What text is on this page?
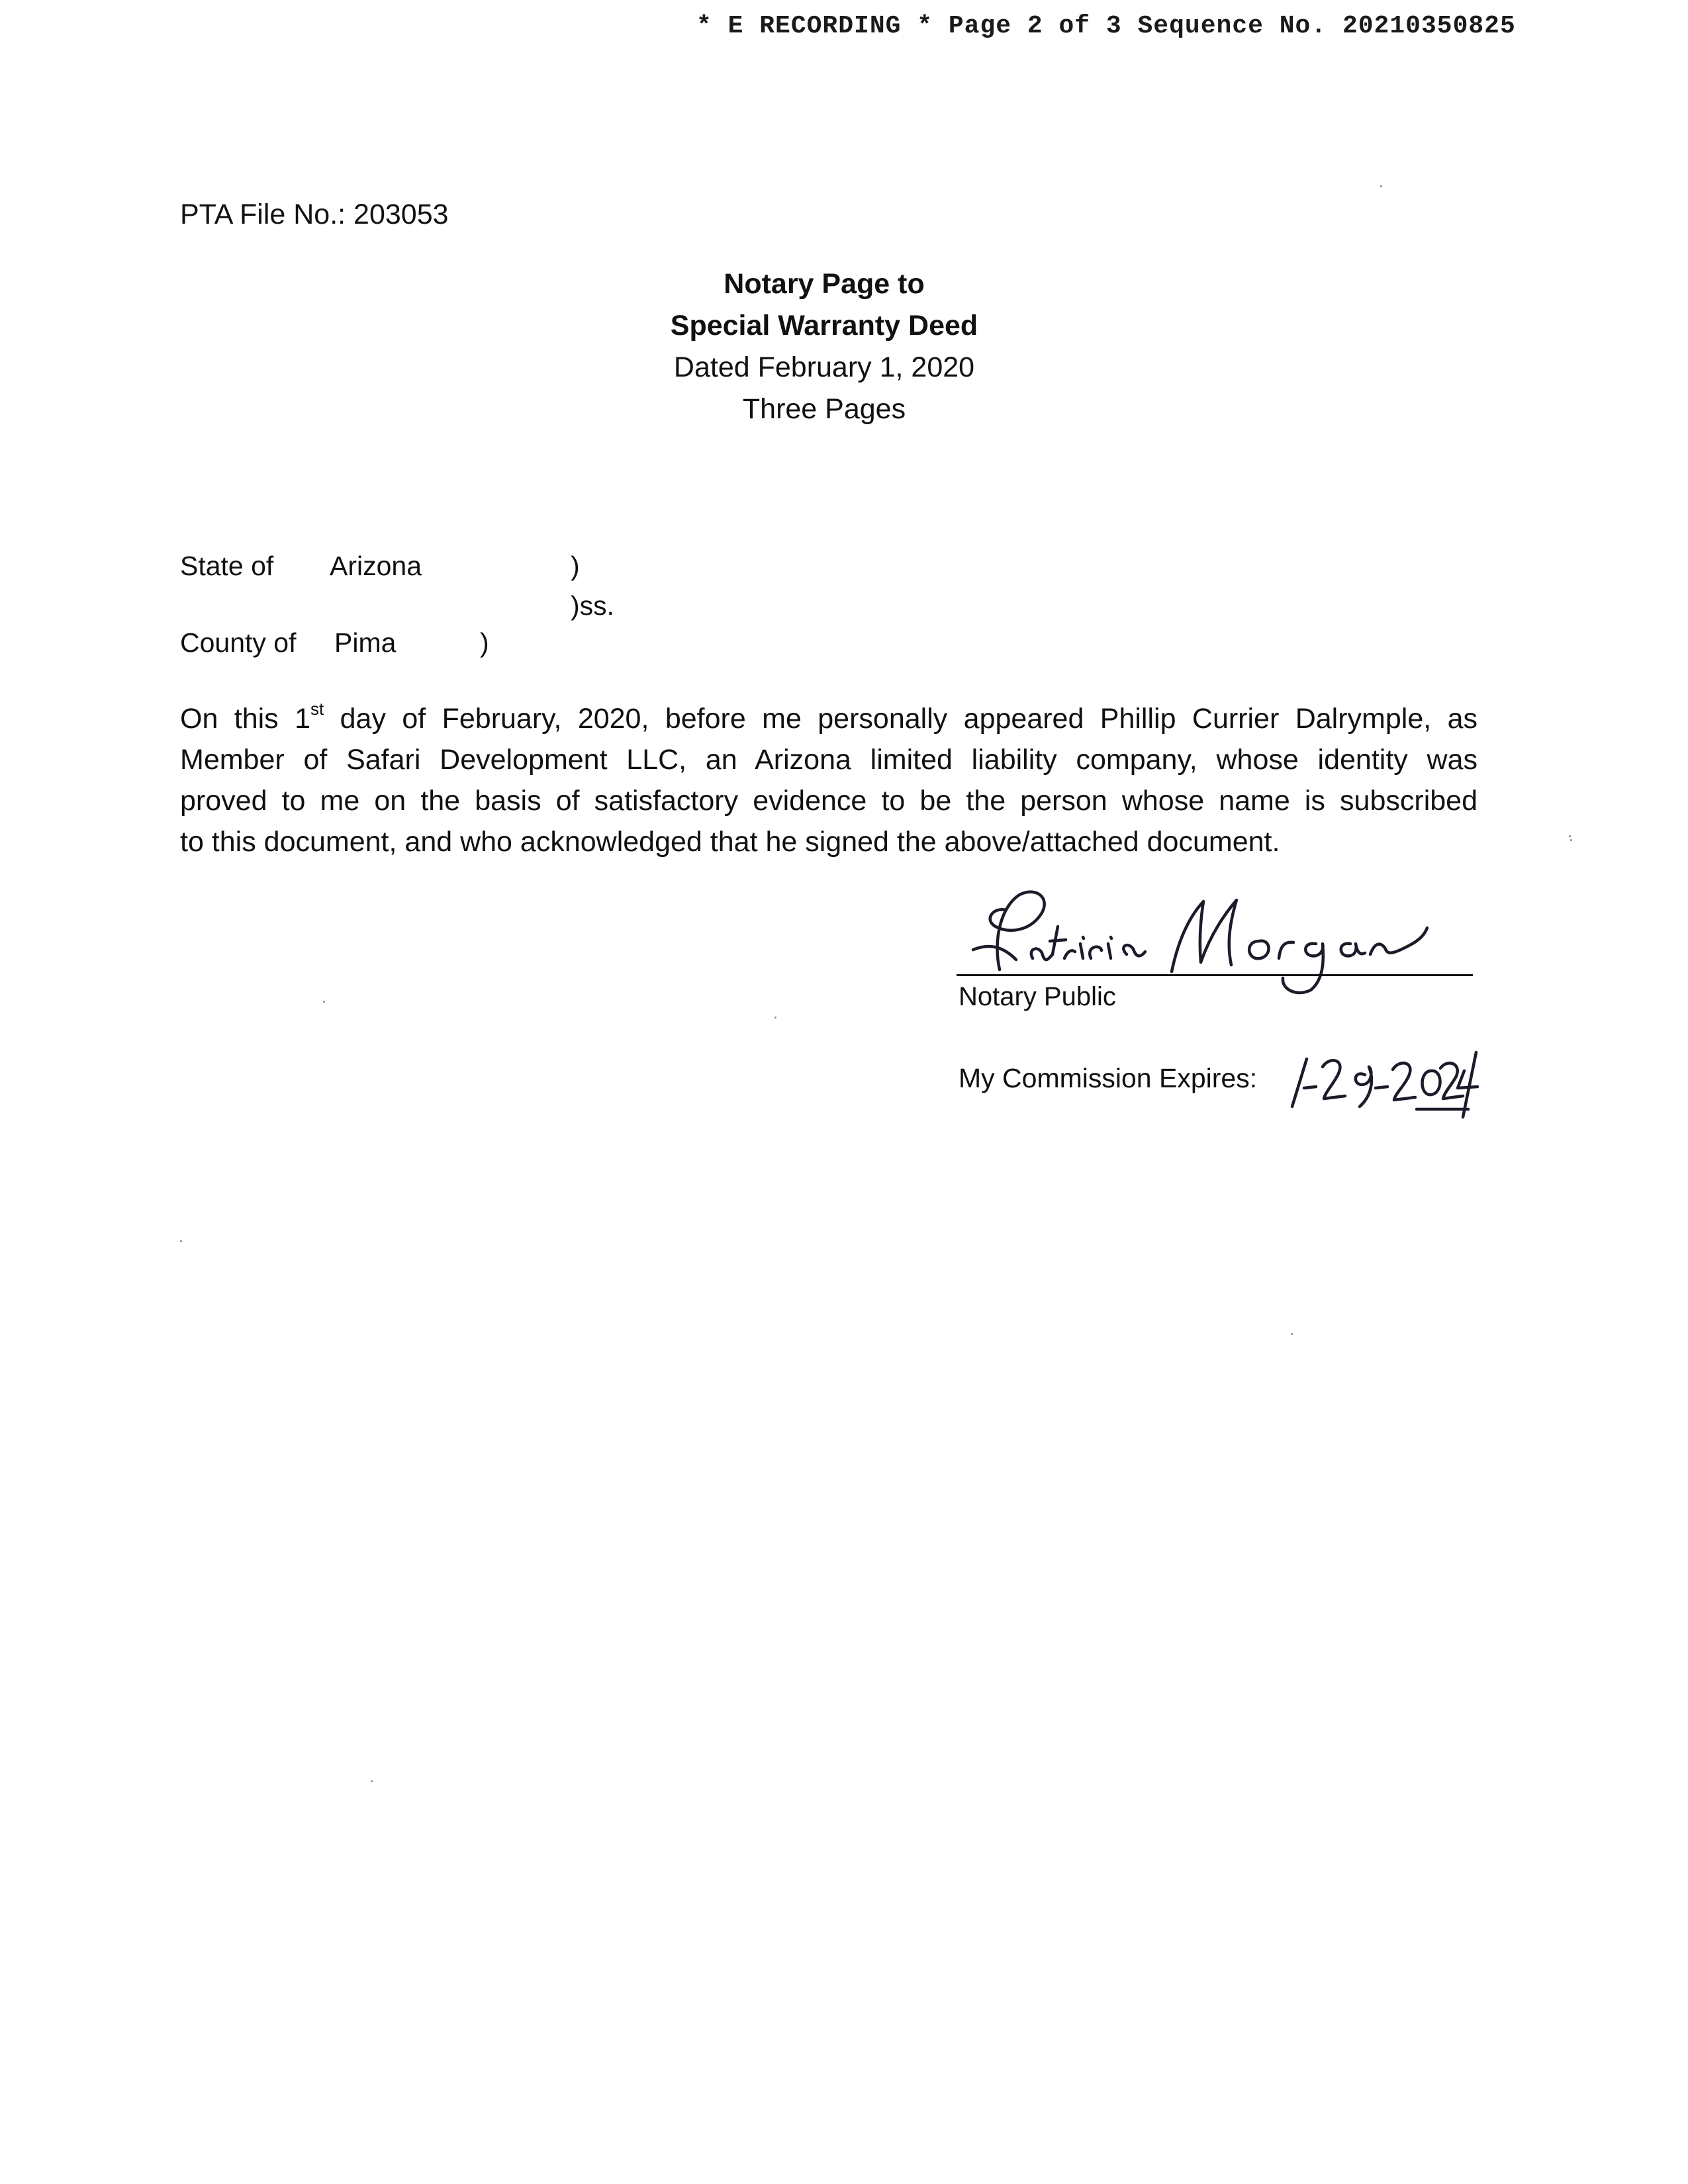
* E RECORDING * Page 2 of 3 Sequence No. 20210350825
PTA File No.: 203053
Notary Page to
Special Warranty Deed
Dated February 1, 2020
Three Pages
State of Arizona	)
)ss.
County of Pima	)
On this 1st day of February, 2020, before me personally appeared Phillip Currier Dalrymple, as
Member of Safari Development LLC, an Arizona limited liability company, whose identity was
proved to me on the basis of satisfactory evidence to be the person whose name is subscribed
to this document, and who acknowledged that he signed the above/attached document.
Notary Public
My Commission Expires:
